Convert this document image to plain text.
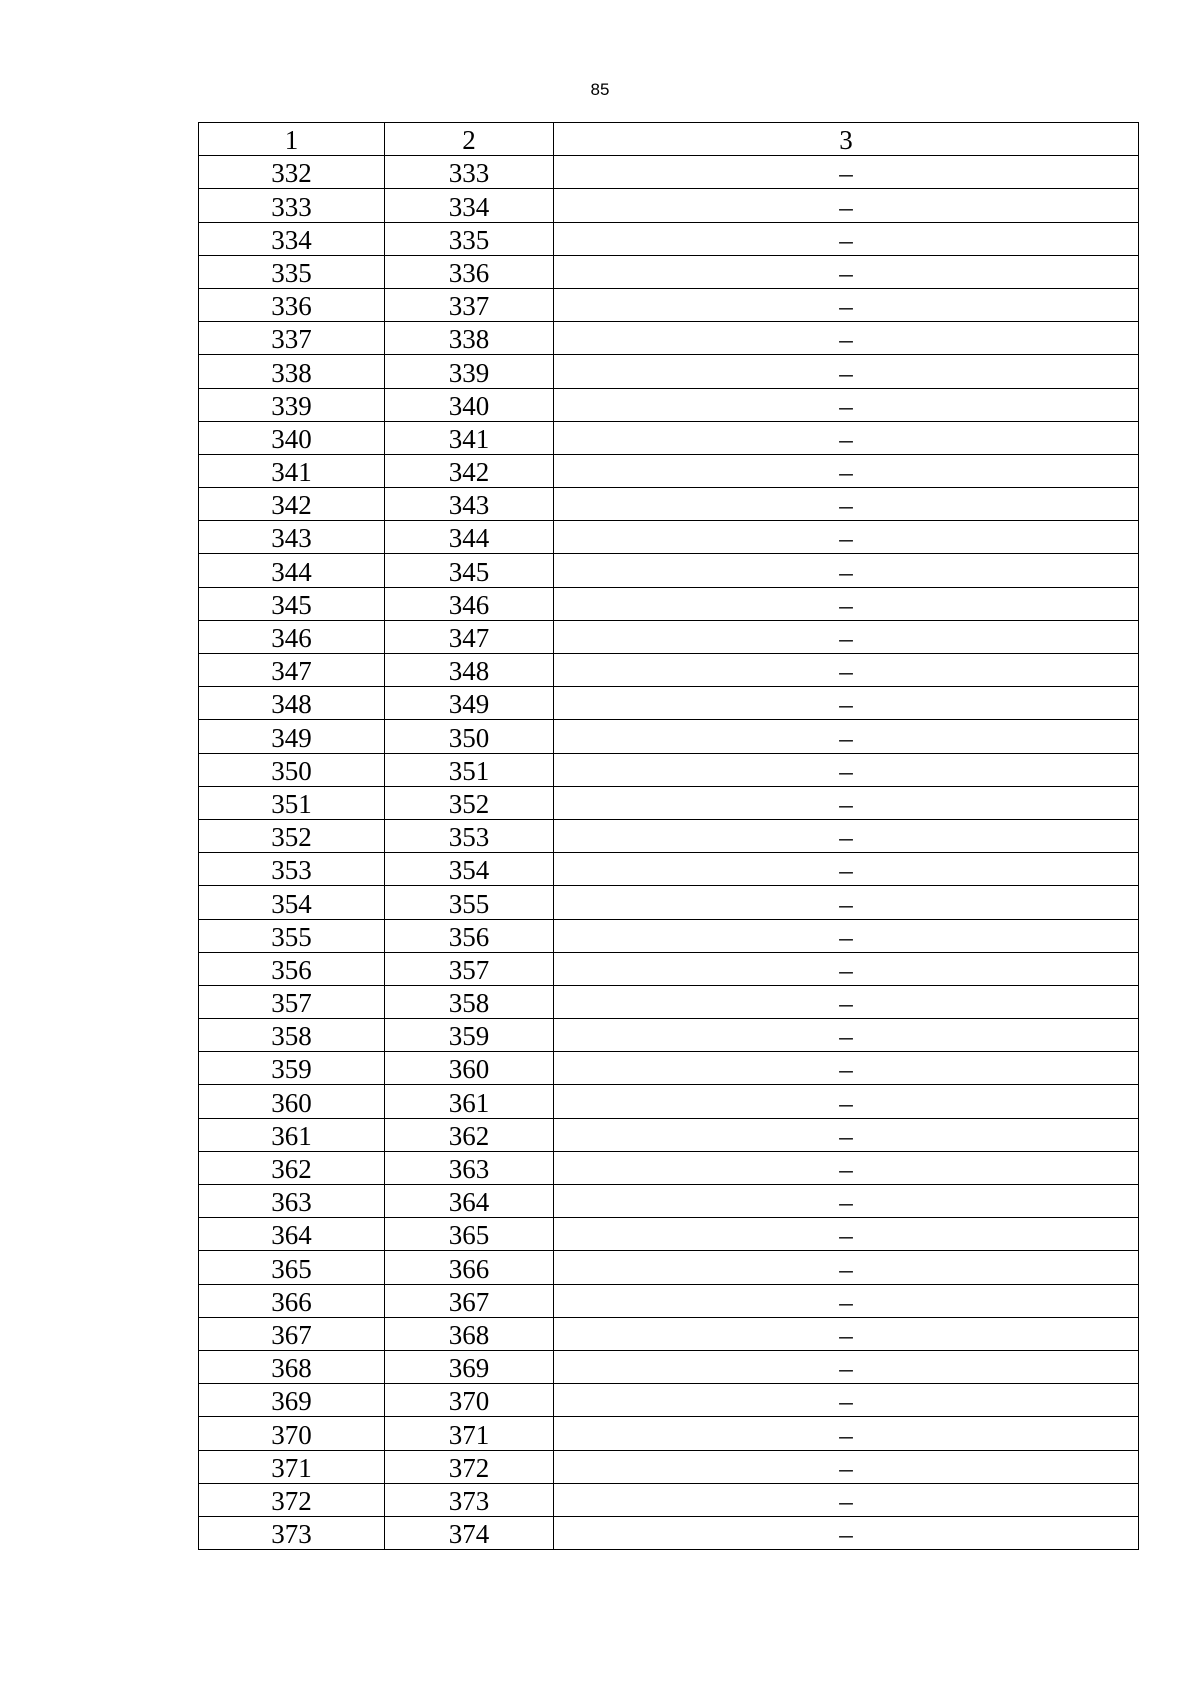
85
1	2	3
332	333	–
333	334	–
334	335	–
335	336	–
336	337	–
337	338	–
338	339	–
339	340	–
340	341	–
341	342	–
342	343	–
343	344	–
344	345	–
345	346	–
346	347	–
347	348	–
348	349	–
349	350	–
350	351	–
351	352	–
352	353	–
353	354	–
354	355	–
355	356	–
356	357	–
357	358	–
358	359	–
359	360	–
360	361	–
361	362	–
362	363	–
363	364	–
364	365	–
365	366	–
366	367	–
367	368	–
368	369	–
369	370	–
370	371	–
371	372	–
372	373	–
373	374	–
